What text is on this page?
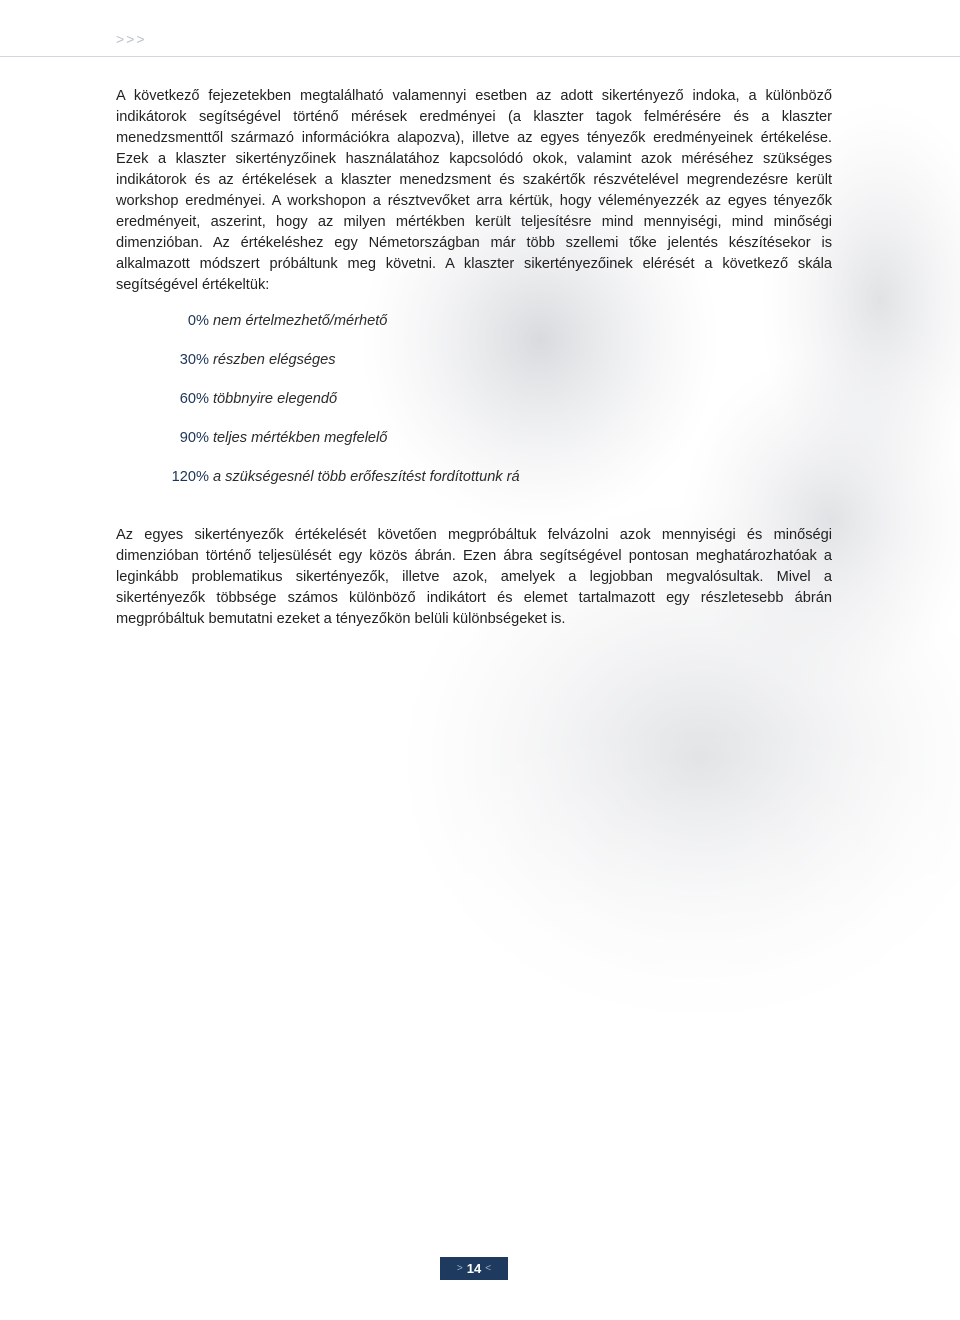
>>>

A következő fejezetekben megtalálható valamennyi esetben az adott sikertényező indoka, a különböző indikátorok segítségével történő mérések eredményei (a klaszter tagok felmérésére és a klaszter menedzsmenttől származó információkra alapozva), illetve az egyes tényezők eredményeinek értékelése. Ezek a klaszter sikertényzőinek használatához kapcsolódó okok, valamint azok méréséhez szükséges indikátorok és az értékelések a klaszter menedzsment és szakértők részvételével megrendezésre került workshop eredményei. A workshopon a résztvevőket arra kértük, hogy véleményezzék az egyes tényezők eredményeit, aszerint, hogy az milyen mértékben került teljesítésre mind mennyiségi, mind minőségi dimenzióban. Az értékeléshez egy Németországban már több szellemi tőke jelentés készítésekor is alkalmazott módszert próbáltunk meg követni. A klaszter sikertényezőinek elérését a következő skála segítségével értékeltük:

0% nem értelmezhető/mérhető
30% részben elégséges
60% többnyire elegendő
90% teljes mértékben megfelelő
120% a szükségesnél több erőfeszítést fordítottunk rá

Az egyes sikertényezők értékelését követően megpróbáltuk felvázolni azok mennyiségi és minőségi dimenzióban történő teljesülését egy közös ábrán. Ezen ábra segítségével pontosan meghatározhatóak a leginkább problematikus sikertényezők, illetve azok, amelyek a legjobban megvalósultak. Mivel a sikertényezők többsége számos különböző indikátort és elemet tartalmazott egy részletesebb ábrán megpróbáltuk bemutatni ezeket a tényezőkön belüli különbségeket is.

> 14 <
